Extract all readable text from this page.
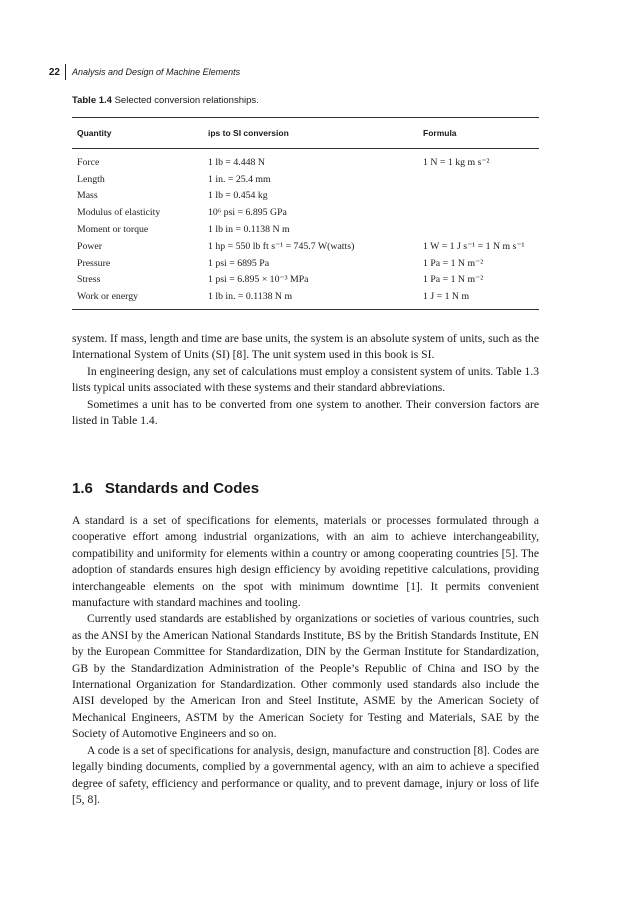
22	Analysis and Design of Machine Elements
Table 1.4 Selected conversion relationships.
Quantity	ips to SI conversion	Formula
Force	1 lb = 4.448 N	1 N = 1 kg m s⁻²
Length	1 in. = 25.4 mm
Mass	1 lb = 0.454 kg
Modulus of elasticity	10⁶ psi = 6.895 GPa
Moment or torque	1 lb in = 0.1138 N m
Power	1 hp = 550 lb ft s⁻¹ = 745.7 W(watts)	1 W = 1 J s⁻¹ = 1 N m s⁻¹
Pressure	1 psi = 6895 Pa	1 Pa = 1 N m⁻²
Stress	1 psi = 6.895 × 10⁻³ MPa	1 Pa = 1 N m⁻²
Work or energy	1 lb in. = 0.1138 N m	1 J = 1 N m

system. If mass, length and time are base units, the system is an absolute system of units, such as the International System of Units (SI) [8]. The unit system used in this book is SI.

In engineering design, any set of calculations must employ a consistent system of units. Table 1.3 lists typical units associated with these systems and their standard abbreviations.

Sometimes a unit has to be converted from one system to another. Their conversion factors are listed in Table 1.4.

1.6 Standards and Codes

A standard is a set of specifications for elements, materials or processes formulated through a cooperative effort among industrial organizations, with an aim to achieve interchangeability, compatibility and uniformity for elements within a country or among cooperating countries [5]. The adoption of standards ensures high design efficiency by avoiding repetitive calculations, providing interchangeable elements on the spot with minimum downtime [1]. It permits convenient manufacture with standard machines and tooling.

Currently used standards are established by organizations or societies of various countries, such as the ANSI by the American National Standards Institute, BS by the British Standards Institute, EN by the European Committee for Standardization, DIN by the German Institute for Standardization, GB by the Standardization Administration of the People’s Republic of China and ISO by the International Organization for Standardization. Other commonly used standards also include the AISI developed by the American Iron and Steel Institute, ASME by the American Society of Mechanical Engineers, ASTM by the American Society for Testing and Materials, SAE by the Society of Automotive Engineers and so on.

A code is a set of specifications for analysis, design, manufacture and construction [8]. Codes are legally binding documents, complied by a governmental agency, with an aim to achieve a specified degree of safety, efficiency and performance or quality, and to prevent damage, injury or loss of life [5, 8].
